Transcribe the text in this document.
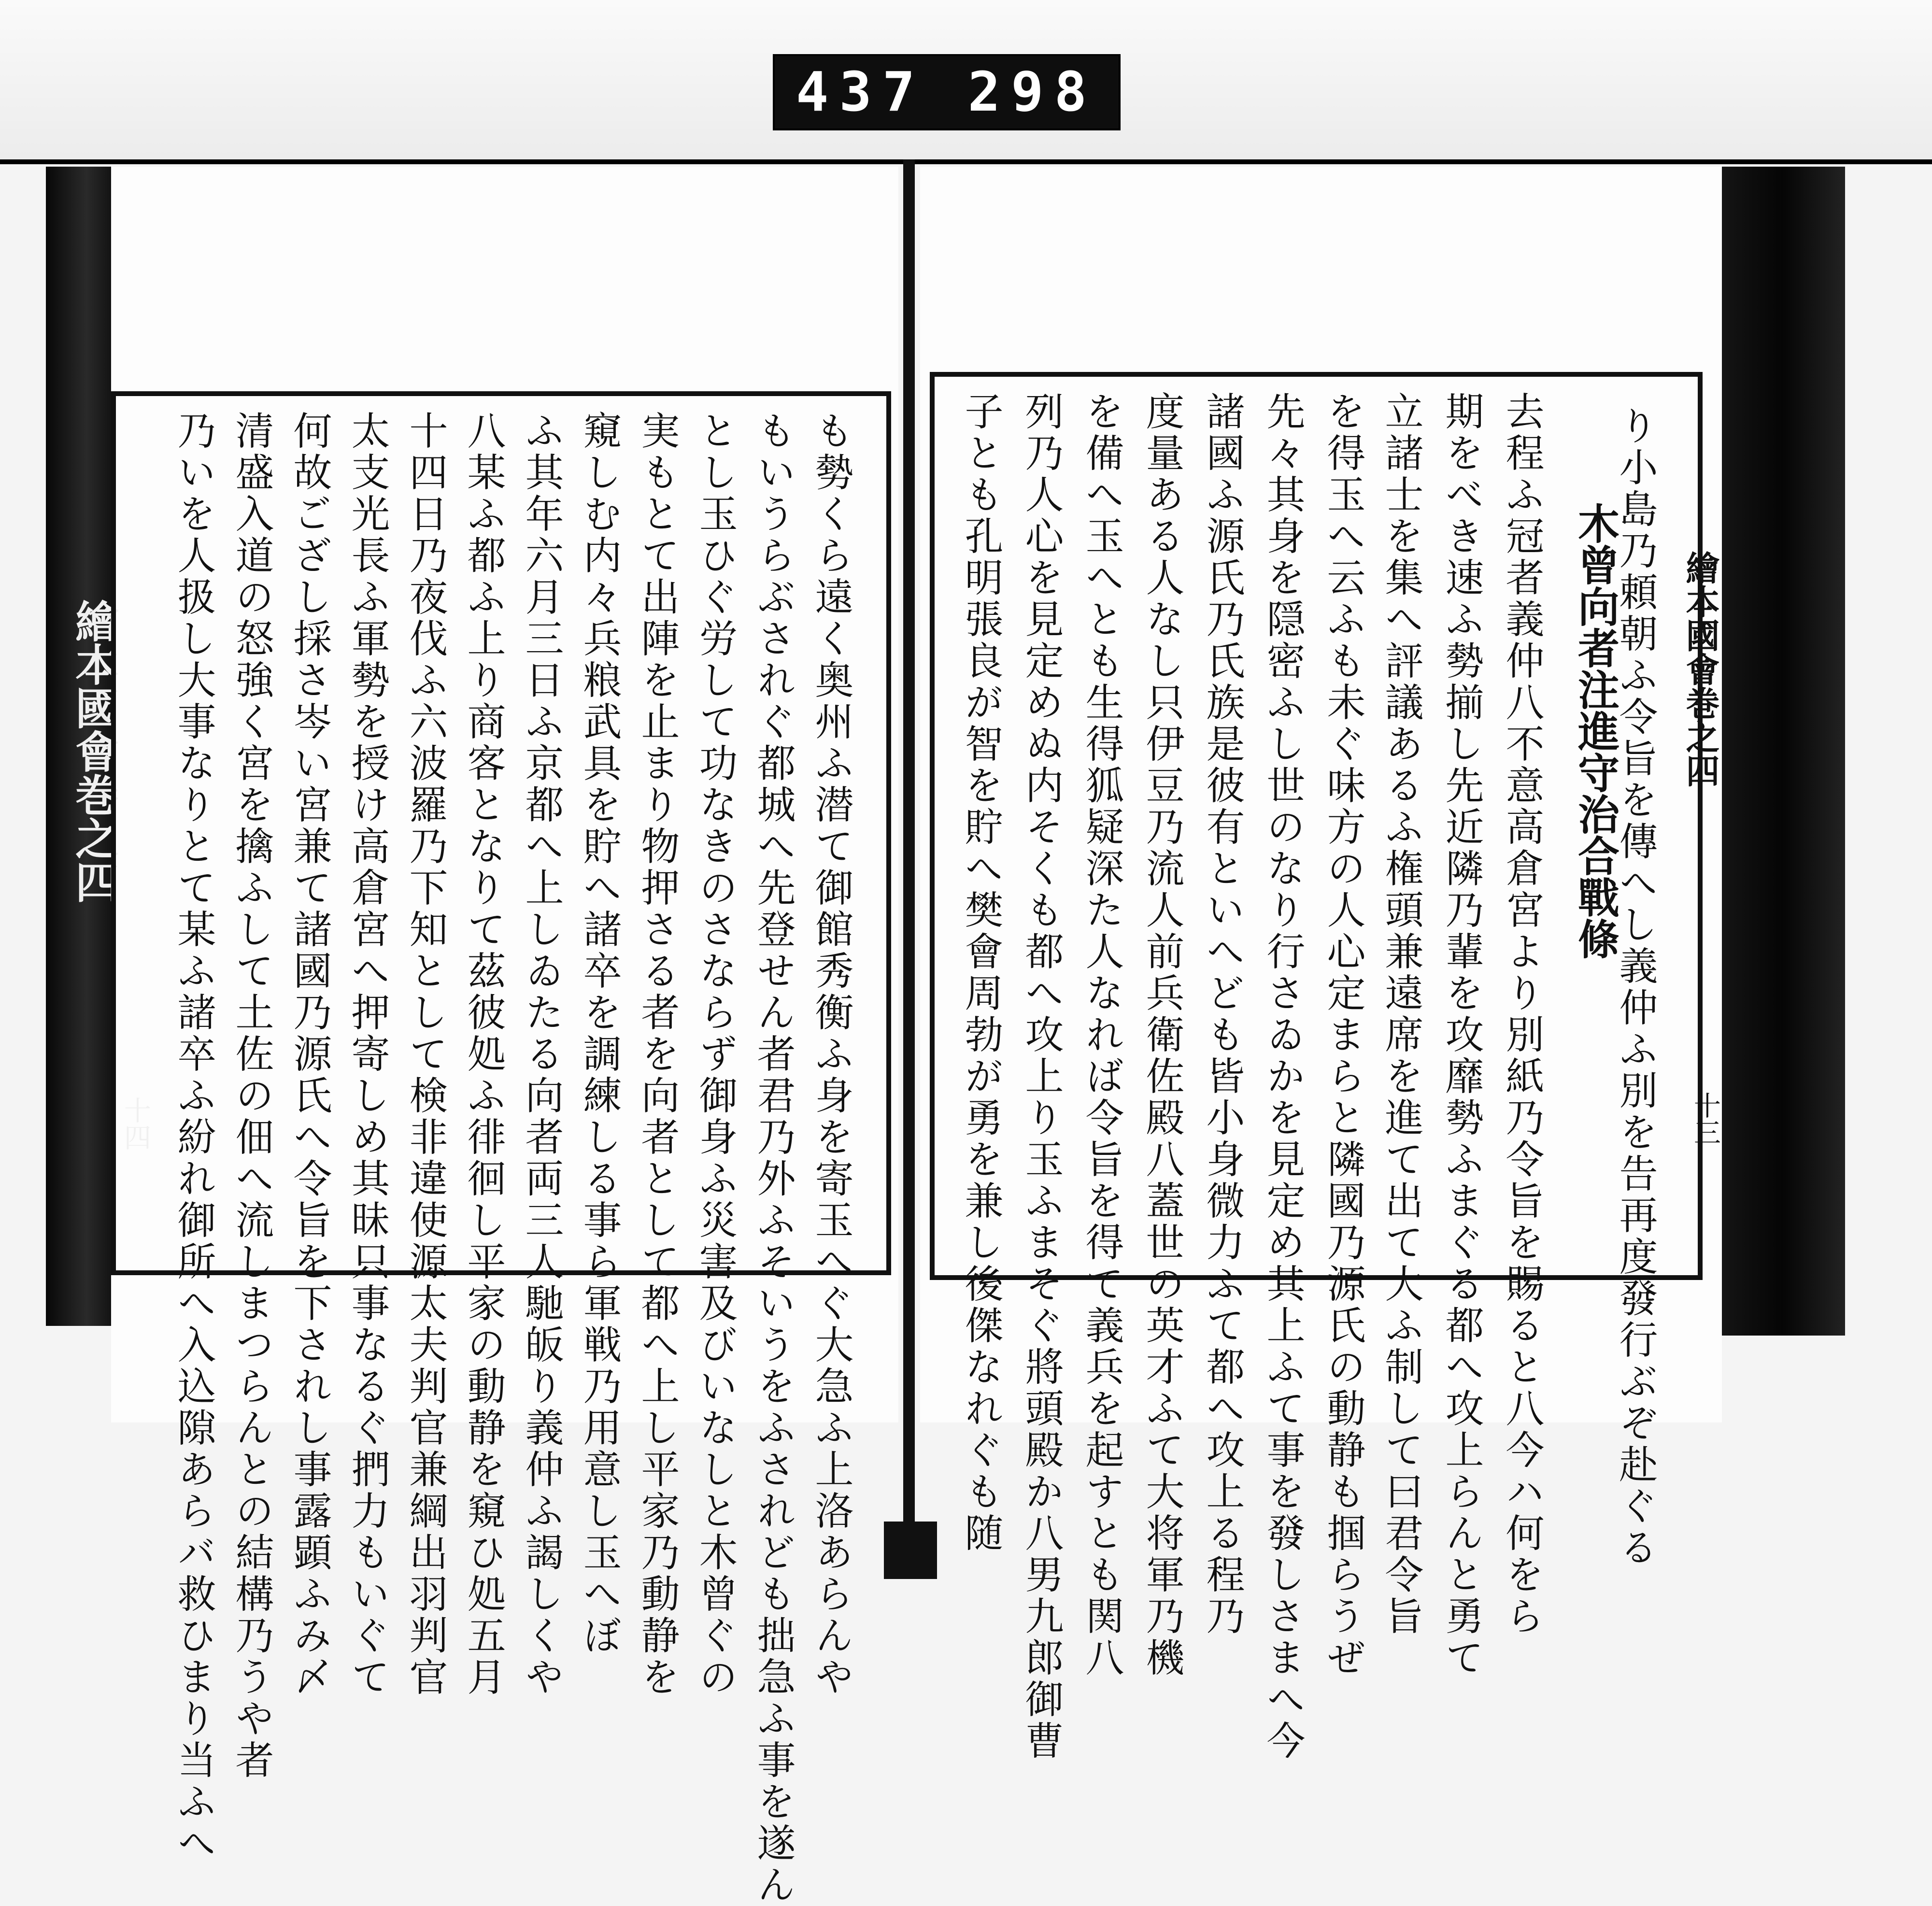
437 298
繪本國會巻之四
十四
繪本國會巻之四
十三
り小島乃頼朝ふ令旨を傳へし義仲ふ別を告再度發行ぶぞ赴ぐる
木曾向者注進守治合戰條
去程ふ冠者義仲八不意高倉宮より別紙乃令旨を賜ると八今ハ何をら
期をべき速ふ勢揃し先近隣乃輩を攻靡勢ふまぐる都へ攻上らんと勇て
立諸士を集へ評議あるふ権頭兼遠席を進て出て大ふ制して曰君令旨
を得玉へ云ふも未ぐ味方の人心定まらと隣國乃源氏の動静も掴らうぜ
先々其身を隠密ふし世のなり行さゐかを見定め其上ふて事を發しさまへ今
諸國ふ源氏乃氏族是彼有といへども皆小身微力ふて都へ攻上る程乃
度量ある人なし只伊豆乃流人前兵衛佐殿八蓋世の英才ふて大将軍乃機
を備へ玉へとも生得狐疑深た人なれば令旨を得て義兵を起すとも関八
列乃人心を見定めぬ内そくも都へ攻上り玉ふまそぐ將頭殿か八男九郎御曹
子とも孔明張良が智を貯へ樊會周勃が勇を兼し後傑なれぐも随
も勢くら遠く奥州ふ潜て御館秀衡ふ身を寄玉へぐ大急ふ上洛あらんや
もいうらぶされぐ都城へ先登せん者君乃外ふそいうをふされども拙急ふ事を遂ん
とし玉ひぐ労して功なきのさならず御身ふ災害及びいなしと木曾ぐの
実もとて出陣を止まり物押さる者を向者として都へ上し平家乃動静を
窺しむ内々兵粮武具を貯へ諸卒を調練しる事ら軍戦乃用意し玉へぼ
ふ其年六月三日ふ京都へ上しゐたる向者両三人馳皈り義仲ふ謁しくや
八某ふ都ふ上り商客となりて茲彼処ふ徘徊し平家の動静を窺ひ処五月
十四日乃夜伐ふ六波羅乃下知として検非違使源太夫判官兼綱出羽判官
太支光長ふ軍勢を授け高倉宮へ押寄しめ其昧只事なるぐ捫力もいぐて
何故ござし採さ岑い宮兼て諸國乃源氏へ令旨を下されし事露顕ふみ〆
清盛入道の怒強く宮を擒ふして土佐の佃へ流しまつらんとの結構乃うや者
乃いを人扱し大事なりとて某ふ諸卒ふ紛れ御所へ入込隙あらバ救ひまり当ふへ
